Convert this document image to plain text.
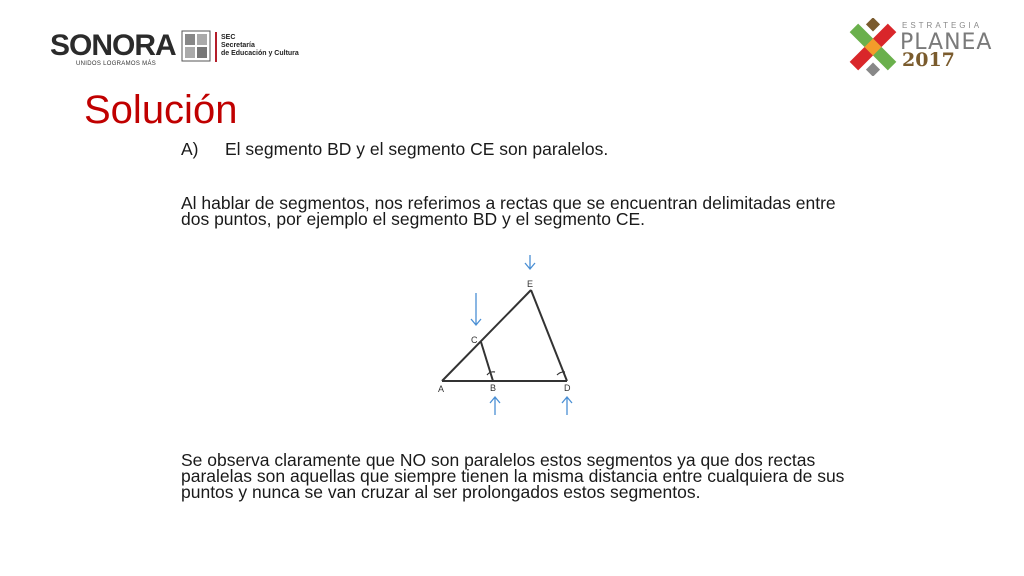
SONORA
UNIDOS LOGRAMOS MÁS
SEC
Secretaría
de Educación y Cultura
ESTRATEGIA
PLANEA
2017
Solución
A) El segmento BD y el segmento CE son paralelos.
Al hablar de segmentos, nos referimos a rectas que se encuentran delimitadas entre dos puntos, por ejemplo el segmento BD y el segmento CE.
A	B
C
D
E
Se observa claramente que NO son paralelos estos segmentos ya que dos rectas paralelas son aquellas que siempre tienen la misma distancia entre cualquiera de sus puntos y nunca se van cruzar al ser prolongados estos segmentos.
